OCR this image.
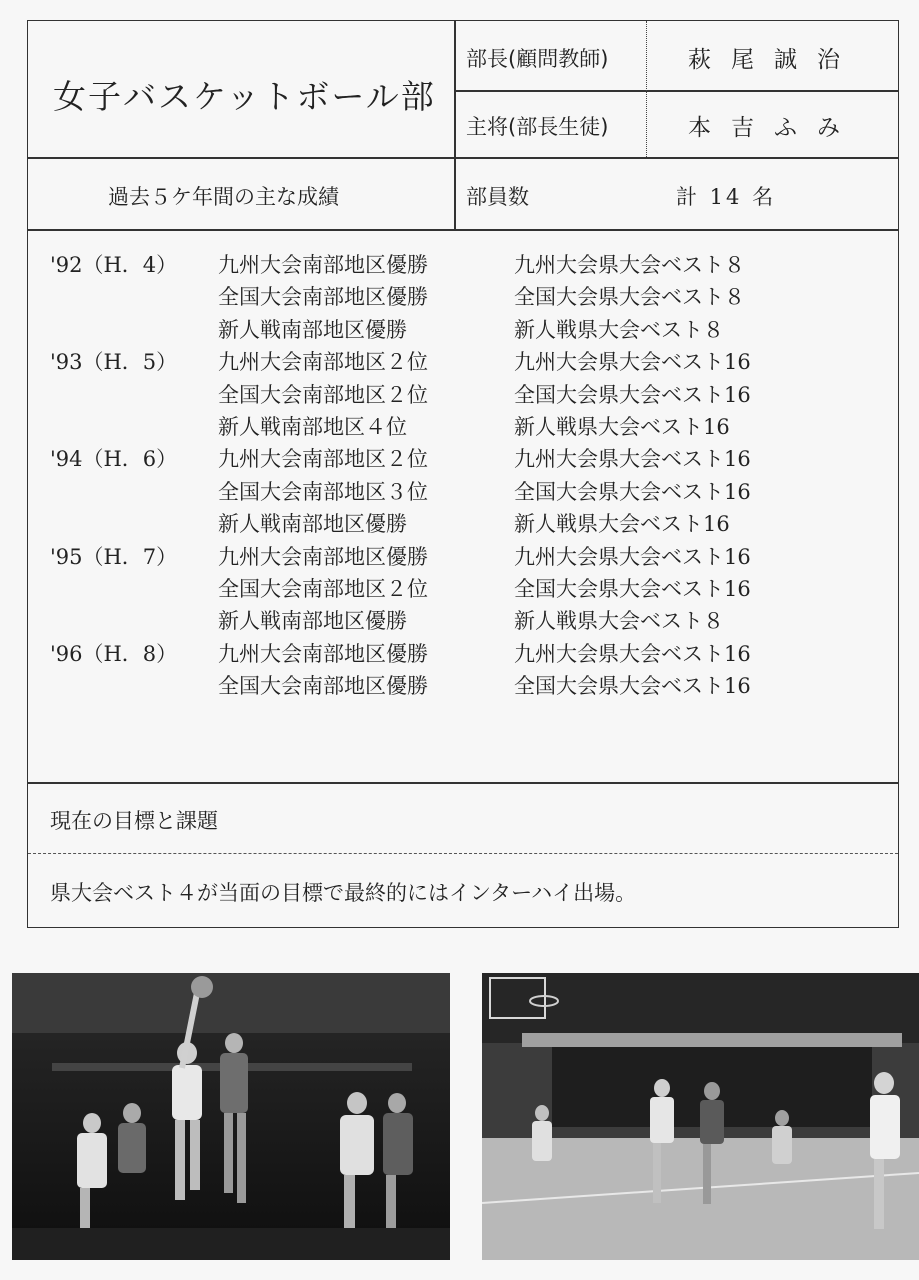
女子バスケットボール部
部長(顧問教師)	萩尾誠治
主将(部長生徒)	本吉ふみ
過去５ケ年間の主な成績	部員数	計 14 名
'92（H．4） 九州大会南部地区優勝	九州大会県大会ベスト８
全国大会南部地区優勝	全国大会県大会ベスト８
新人戦南部地区優勝	新人戦県大会ベスト８
'93（H．5） 九州大会南部地区２位	九州大会県大会ベスト16
全国大会南部地区２位	全国大会県大会ベスト16
新人戦南部地区４位	新人戦県大会ベスト16
'94（H．6） 九州大会南部地区２位	九州大会県大会ベスト16
全国大会南部地区３位	全国大会県大会ベスト16
新人戦南部地区優勝	新人戦県大会ベスト16
'95（H．7） 九州大会南部地区優勝	九州大会県大会ベスト16
全国大会南部地区２位	全国大会県大会ベスト16
新人戦南部地区優勝	新人戦県大会ベスト８
'96（H．8） 九州大会南部地区優勝	九州大会県大会ベスト16
全国大会南部地区優勝	全国大会県大会ベスト16
現在の目標と課題
県大会ベスト４が当面の目標で最終的にはインターハイ出場。
